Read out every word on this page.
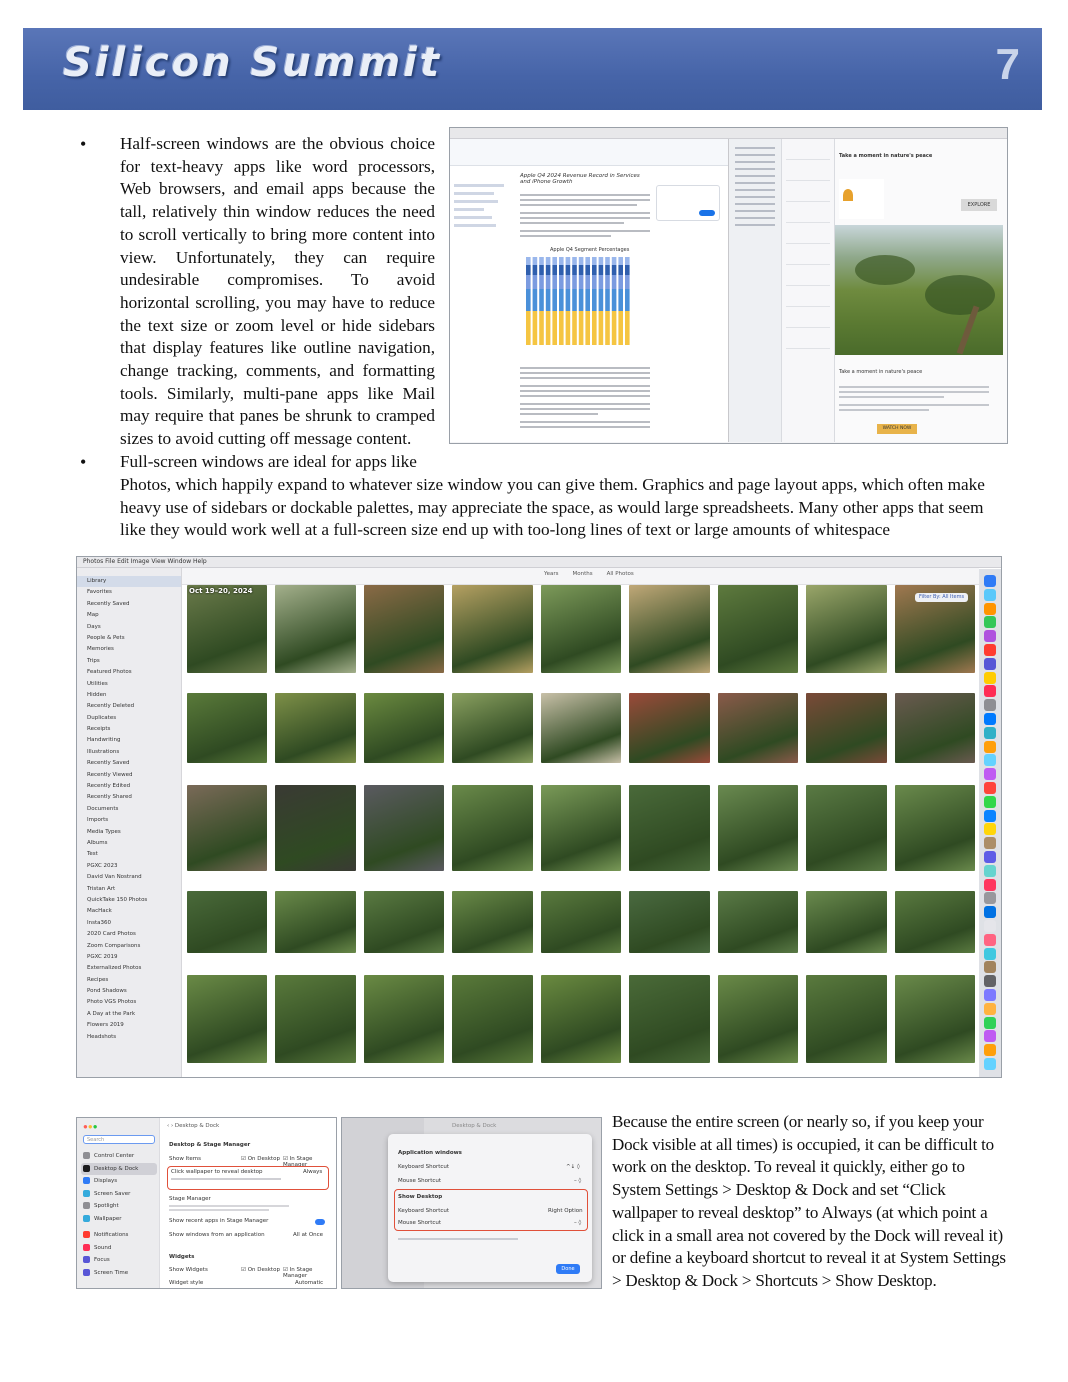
Silicon Summit	7
• Half-screen windows are the obvious choice for text-heavy apps like word processors, Web browsers, and email apps because the tall, relatively thin window reduces the need to scroll vertically to bring more content into view. Unfortunately, they can require undesirable compromises. To avoid horizontal scrolling, you may have to reduce the text size or zoom level or hide sidebars that display features like outline navigation, change tracking, comments, and formatting tools. Similarly, multi-pane apps like Mail may require that panes be shrunk to cramped sizes to avoid cutting off message content.
• Full-screen windows are ideal for apps like
Photos, which happily expand to whatever size window you can give them. Graphics and page layout apps, which often make heavy use of sidebars or dockable palettes, may appreciate the space, as would large spreadsheets. Many other apps that seem like they would work well at a full-screen size end up with too-long lines of text or large amounts of whitespace
Apple Q4 2024 Revenue Record in Services and iPhone Growth
Apple Q4 Segment Percentages
Take a moment in nature's peace
EXPLORE
Take a moment in nature's peace
WATCH NOW
Photos File Edit Image View Window Help
Library
Favorites
Recently Saved
Map
Days
People & Pets
Memories
Trips
Featured Photos
Utilities
Hidden
Recently Deleted
Duplicates
Receipts
Handwriting
Illustrations
Recently Saved
Recently Viewed
Recently Edited
Recently Shared
Documents
Imports
Media Types
Albums
Test
PGXC 2023
David Van Nostrand
Tristan Art
QuickTake 150 Photos
MacHack
Insta360
2020 Card Photos
Zoom Comparisons
PGXC 2019
Externalized Photos
Recipes
Pond Shadows
Photo VGS Photos
A Day at the Park
Flowers 2019
Headshots
Years	Months	All Photos
Oct 19–20, 2024
Filter By: All Items
● ● ●
Search
Control Center
Desktop & Dock
Displays
Screen Saver
Spotlight
Wallpaper
Notifications
Sound
Focus
Screen Time
‹ › Desktop & Dock
Desktop & Stage Manager
Show Items	☑ On Desktop ☑ In Stage Manager
Click wallpaper to reveal desktop	Always
Stage Manager
Show recent apps in Stage Manager
Show windows from an application	All at Once
Widgets
Show Widgets	☑ On Desktop ☑ In Stage Manager
Widget style	Automatic
Desktop & Dock
Application windows
Keyboard Shortcut	^↓ ◊
Mouse Shortcut	– ◊
Show Desktop
Keyboard Shortcut	Right Option
Mouse Shortcut	– ◊
Done
Because the entire screen (or nearly so, if you keep your Dock visible at all times) is occupied, it can be difficult to work on the desktop. To reveal it quickly, either go to System Settings > Desktop & Dock and set “Click wallpaper to reveal desktop” to Always (at which point a click in a small area not covered by the Dock will reveal it) or define a keyboard shortcut to reveal it at System Settings > Desktop & Dock > Shortcuts > Show Desktop.
